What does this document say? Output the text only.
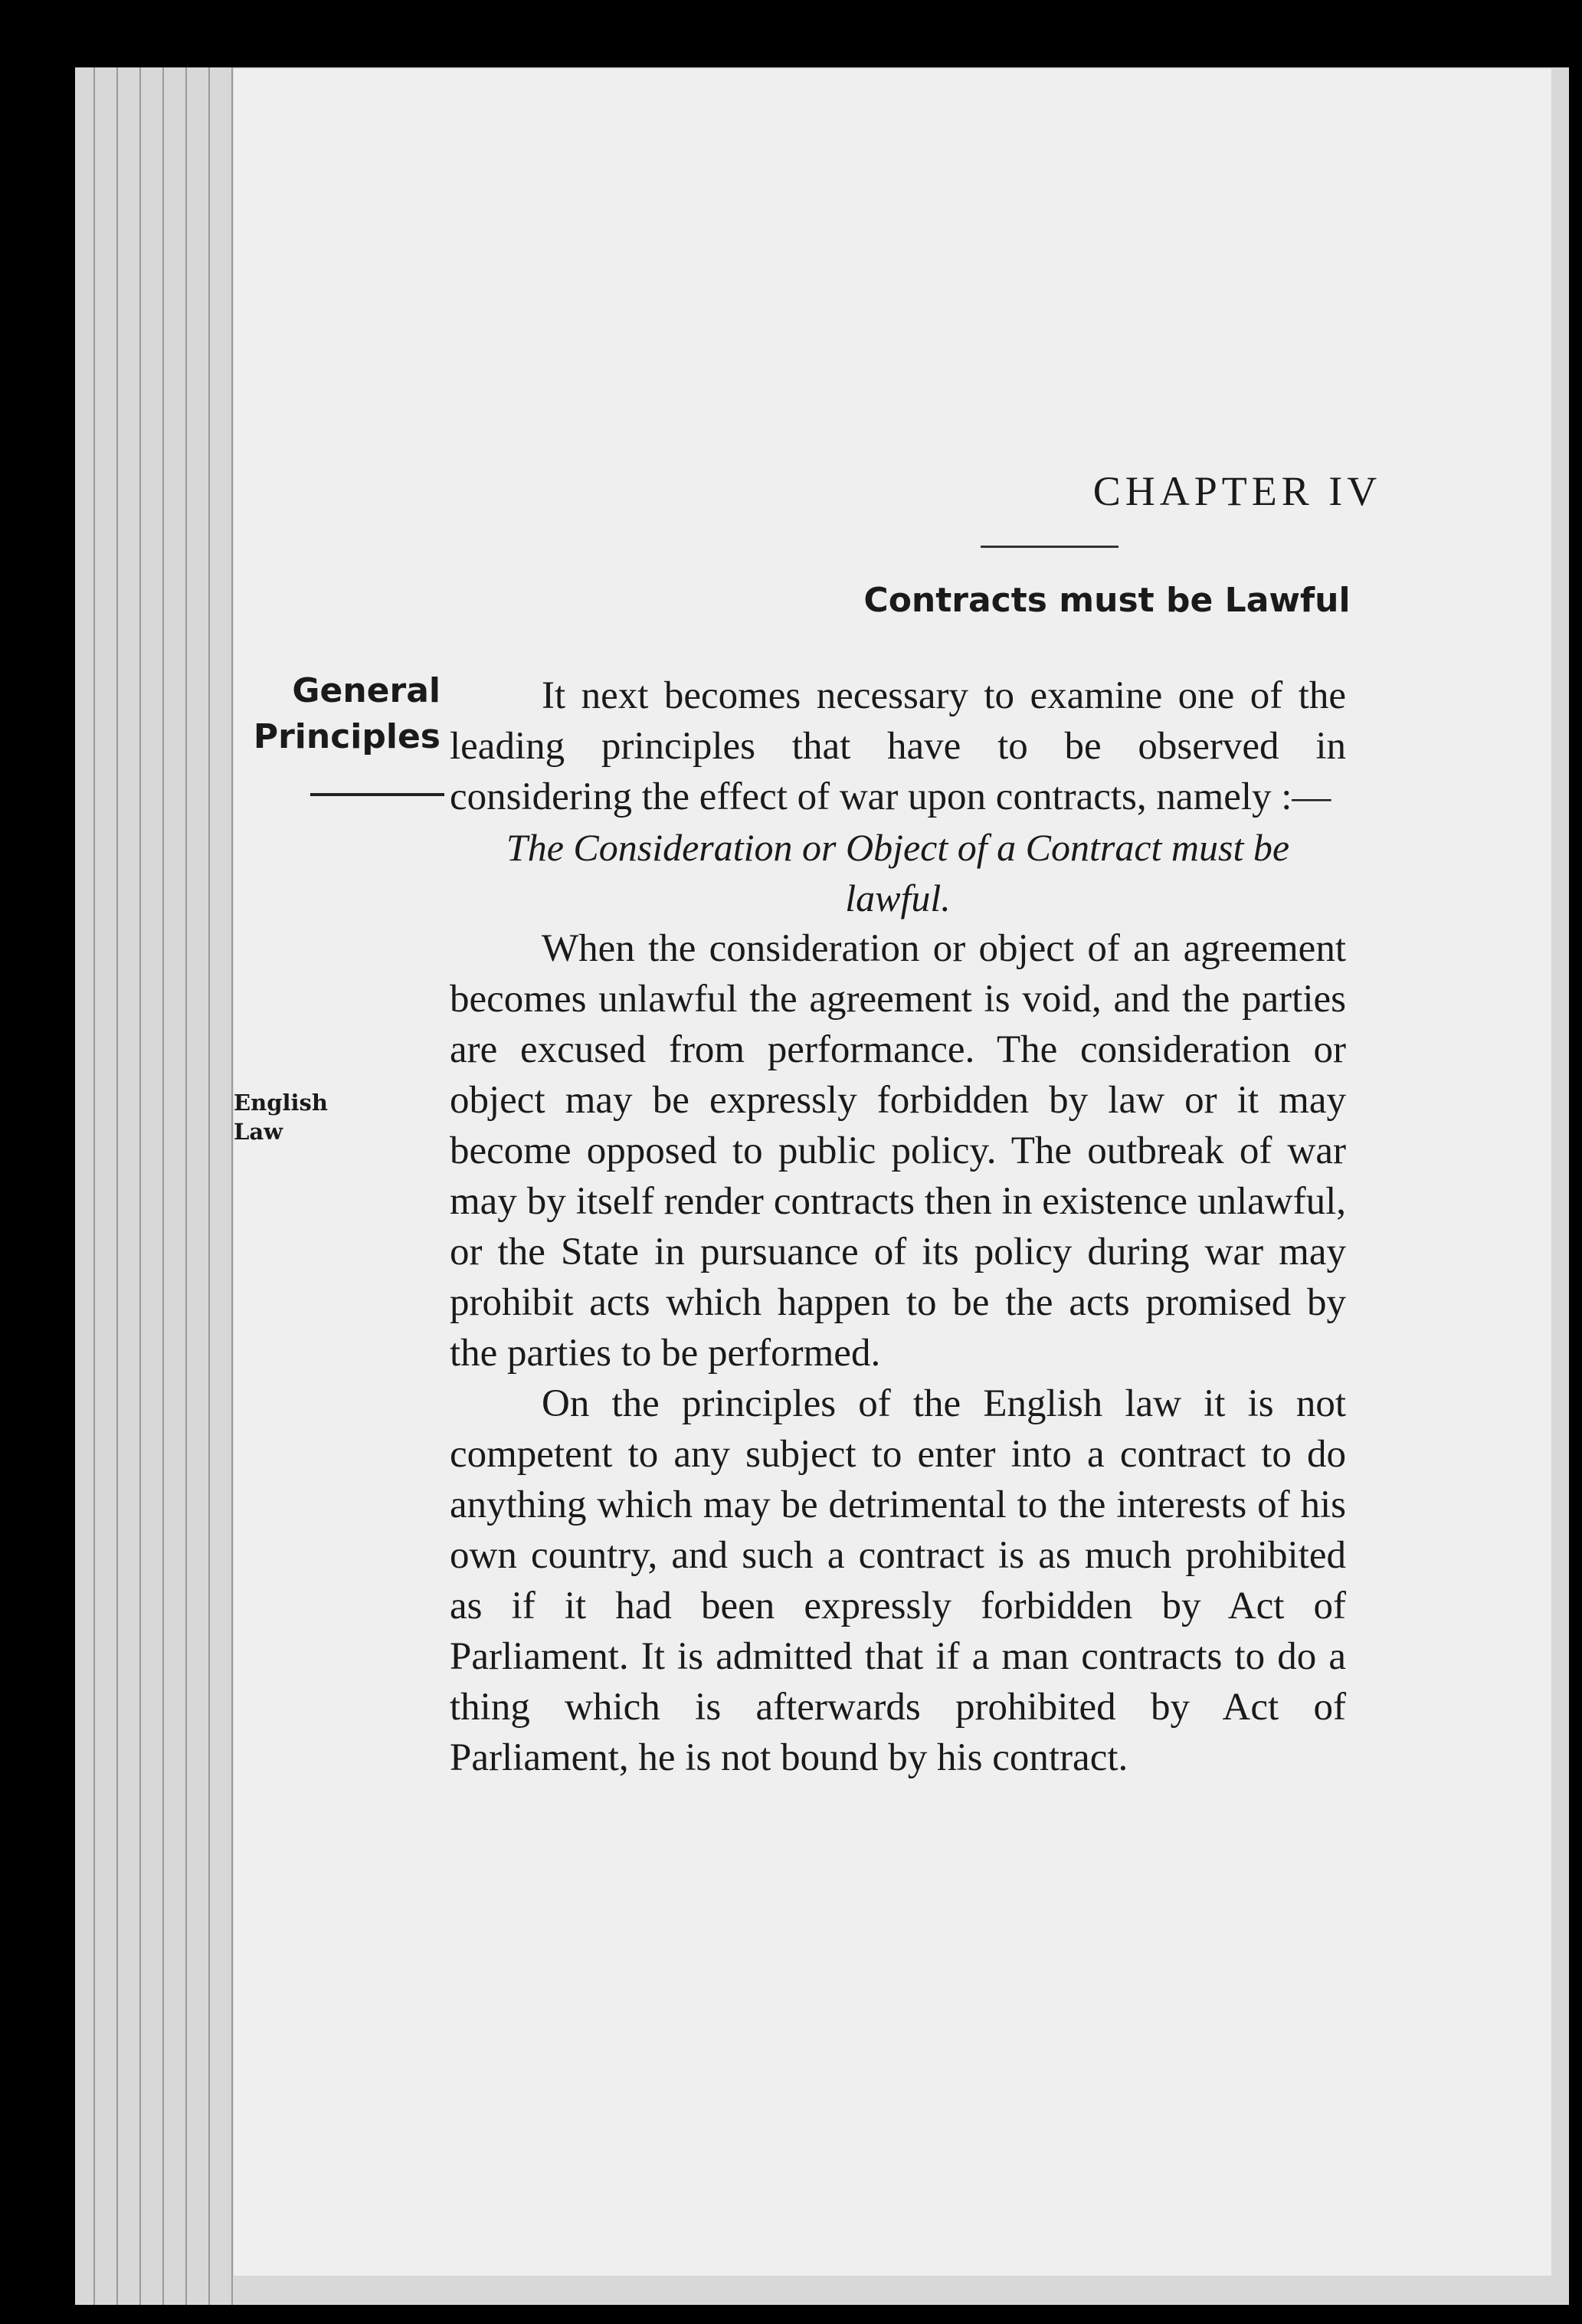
CHAPTER IV
Contracts must be Lawful
General
Principles
English
Law

It next becomes necessary to examine one of the leading principles that have to be observed in considering the effect of war upon contracts, namely :—

The Consideration or Object of a Contract must be lawful.

When the consideration or object of an agreement becomes unlawful the agreement is void, and the parties are excused from performance. The consideration or object may be expressly forbidden by law or it may become opposed to public policy. The outbreak of war may by itself render contracts then in existence unlawful, or the State in pursuance of its policy during war may prohibit acts which happen to be the acts promised by the parties to be performed.

On the principles of the English law it is not competent to any subject to enter into a contract to do anything which may be detrimental to the interests of his own country, and such a contract is as much prohibited as if it had been expressly forbidden by Act of Parliament. It is admitted that if a man contracts to do a thing which is afterwards prohibited by Act of Parliament, he is not bound by his contract.
